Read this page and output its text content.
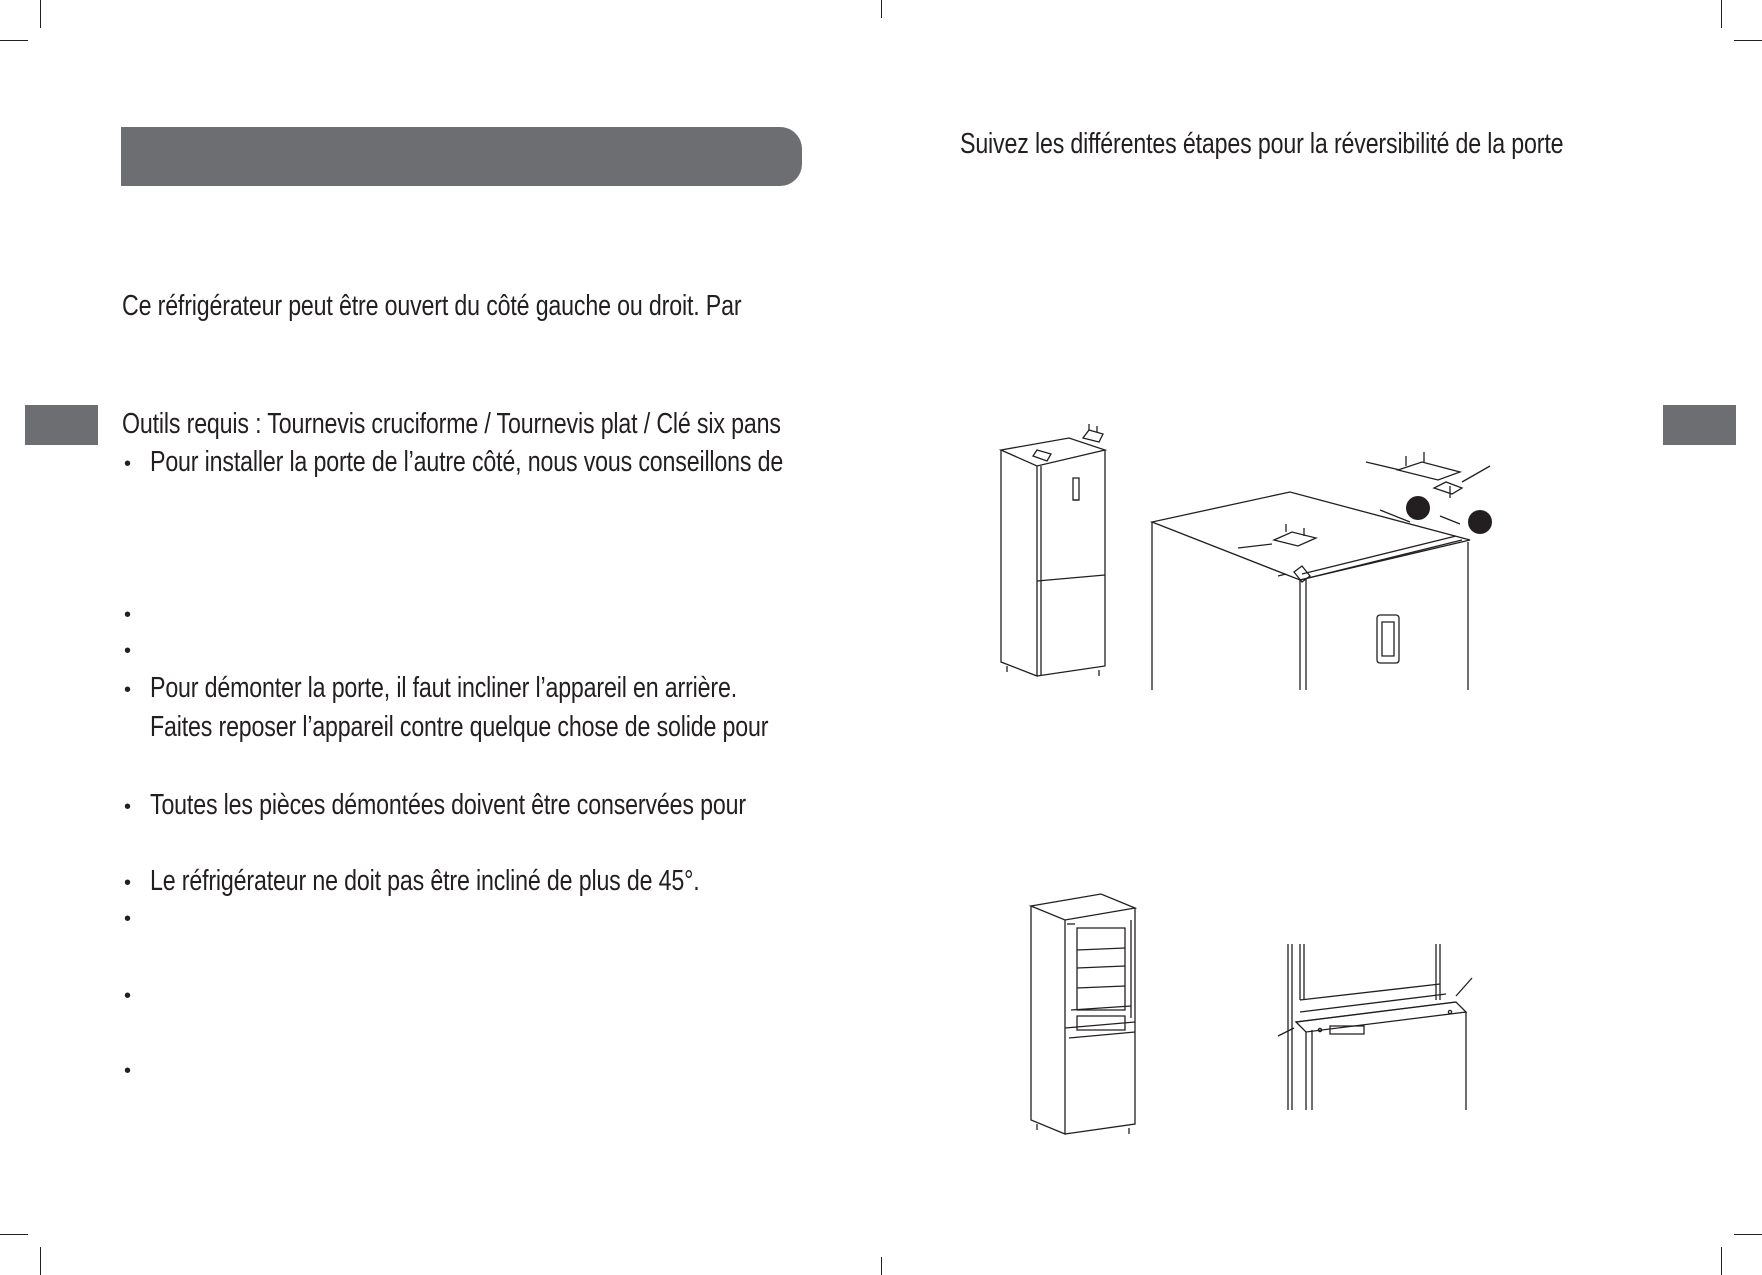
Suivez les différentes étapes pour la réversibilité de la porte
Ce réfrigérateur peut être ouvert du côté gauche ou droit. Par
Outils requis : Tournevis cruciforme / Tournevis plat / Clé six pans
• Pour installer la porte de l’autre côté, nous vous conseillons de
•
•
• Pour démonter la porte, il faut incliner l’appareil en arrière.
Faites reposer l’appareil contre quelque chose de solide pour
• Toutes les pièces démontées doivent être conservées pour
• Le réfrigérateur ne doit pas être incliné de plus de 45°.
•
•
•
